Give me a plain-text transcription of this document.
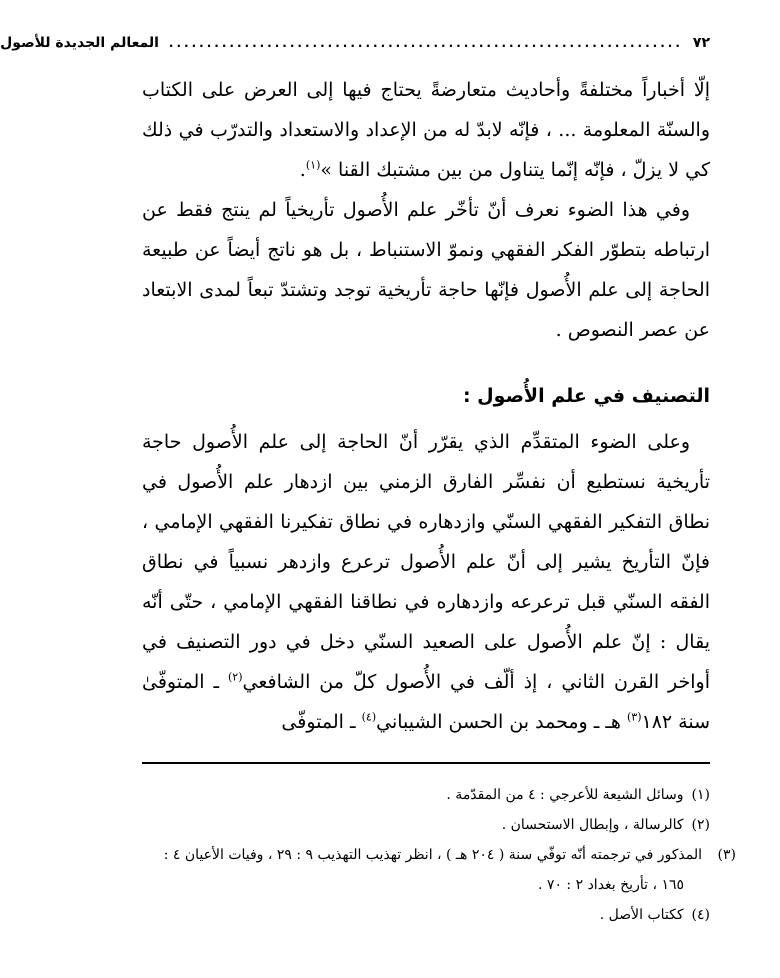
٧٢
....................................................................
المعالم الجديدة للأصول

إلّا أخباراً مختلفةً وأحاديث متعارضةً يحتاج فيها إلى العرض على الكتاب والسنّة المعلومة ... ، فإنّه لابدّ له من الإعداد والاستعداد والتدرّب في ذلك كي لا يزلّ ، فإنّه إنّما يتناول من بين مشتبك القنا »$^{(١)}$.

وفي هذا الضوء نعرف أنّ تأخّر علم الأُصول تأريخياً لم ينتج فقط عن ارتباطه بتطوّر الفكر الفقهي ونموّ الاستنباط ، بل هو ناتج أيضاً عن طبيعة الحاجة إلى علم الأُصول فإنّها حاجة تأريخية توجد وتشتدّ تبعاً لمدى الابتعاد عن عصر النصوص .

التصنيف في علم الأُصول :

وعلى الضوء المتقدِّم الذي يقرّر أنّ الحاجة إلى علم الأُصول حاجة تأريخية نستطيع أن نفسِّر الفارق الزمني بين ازدهار علم الأُصول في نطاق التفكير الفقهي السنّي وازدهاره في نطاق تفكيرنا الفقهي الإمامي ، فإنّ التأريخ يشير إلى أنّ علم الأُصول ترعرع وازدهر نسبياً في نطاق الفقه السنّي قبل ترعرعه وازدهاره في نطاقنا الفقهي الإمامي ، حتّى أنّه يقال : إنّ علم الأُصول على الصعيد السنّي دخل في دور التصنيف في أواخر القرن الثاني ، إذ ألّف في الأُصول كلّ من الشافعي$^{(٢)}$ ـ المتوفّىٰ سنة ١٨٢$^{(٣)}$ هـ ـ ومحمد بن الحسن الشيباني$^{(٤)}$ ـ المتوفّى

(١)وسائل الشيعة للأعرجي : ٤ من المقدّمة .

(٢)كالرسالة ، وإبطال الاستحسان .

(٣)المذكور في ترجمته أنّه توفّي سنة ( ٢٠٤ هـ ) ، انظر تهذيب التهذيب ٩ : ٢٩ ، وفيات الأعيان ٤ : ١٦٥ ، تأريخ بغداد ٢ : ٧٠ .

(٤)ككتاب الأصل .
